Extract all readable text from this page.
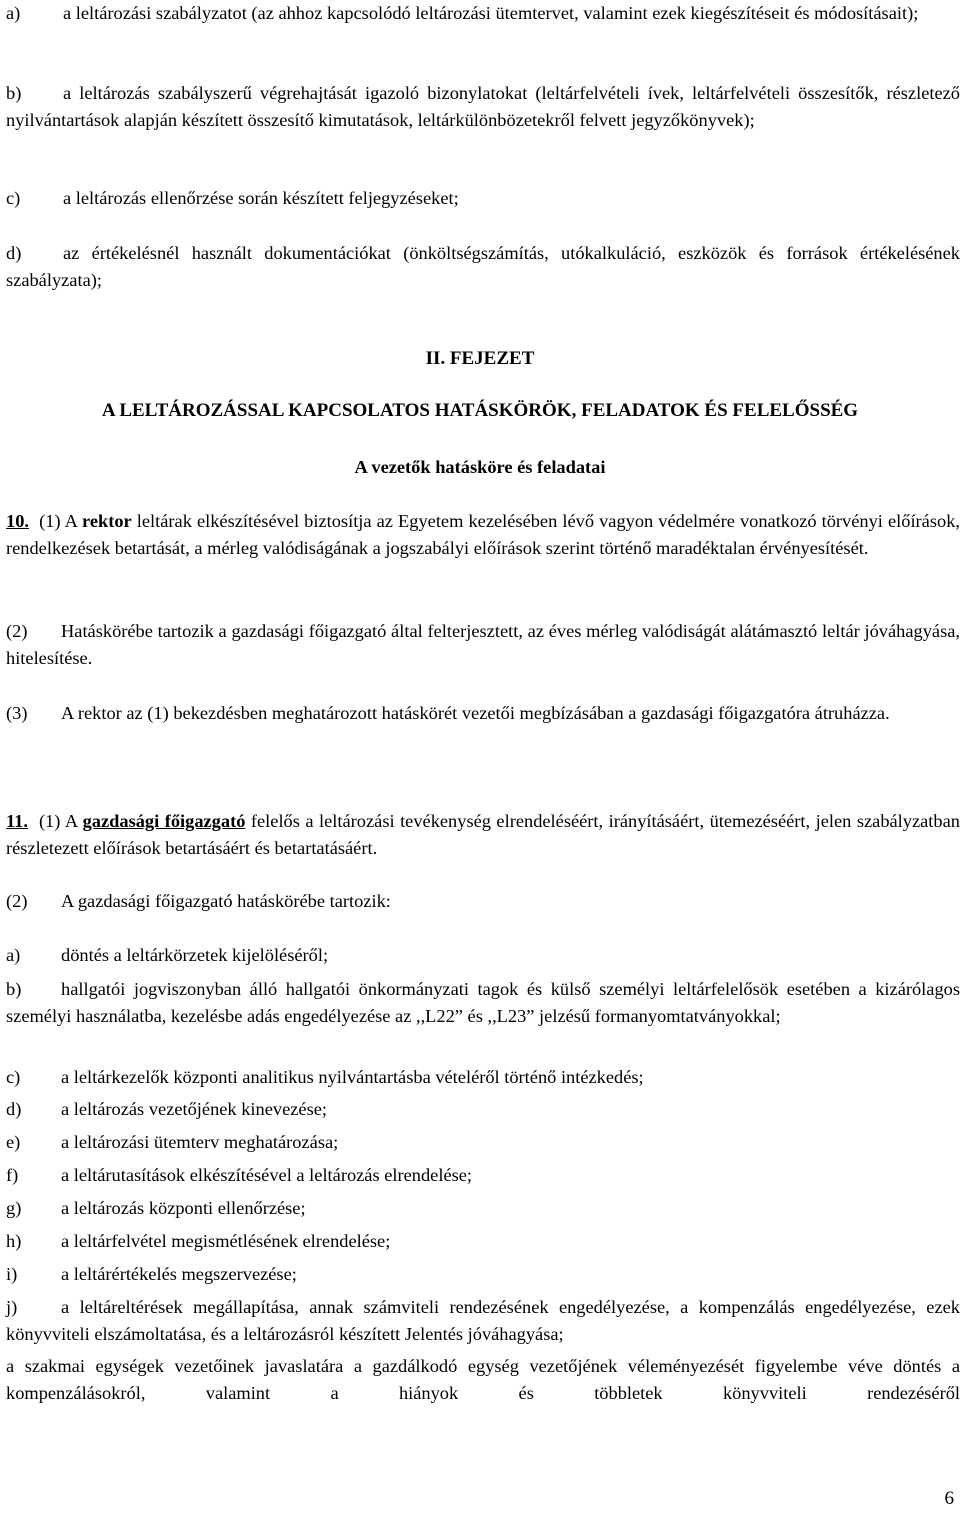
a) a leltározási szabályzatot (az ahhoz kapcsolódó leltározási ütemtervet, valamint ezek kiegészítéseit és módosításait);

b) a leltározás szabályszerű végrehajtását igazoló bizonylatokat (leltárfelvételi ívek, leltárfelvételi összesítők, részletező nyilvántartások alapján készített összesítő kimutatások, leltárkülönbözetekről felvett jegyzőkönyvek);

c) a leltározás ellenőrzése során készített feljegyzéseket;

d) az értékelésnél használt dokumentációkat (önköltségszámítás, utókalkuláció, eszközök és források értékelésének szabályzata);

II. FEJEZET

A LELTÁROZÁSSAL KAPCSOLATOS HATÁSKÖRÖK, FELADATOK ÉS FELELŐSSÉG

A vezetők hatásköre és feladatai

10. (1) A rektor leltárak elkészítésével biztosítja az Egyetem kezelésében lévő vagyon védelmére vonatkozó törvényi előírások, rendelkezések betartását, a mérleg valódiságának a jogszabályi előírások szerint történő maradéktalan érvényesítését.

(2) Hatáskörébe tartozik a gazdasági főigazgató által felterjesztett, az éves mérleg valódiságát alátámasztó leltár jóváhagyása, hitelesítése.

(3) A rektor az (1) bekezdésben meghatározott hatáskörét vezetői megbízásában a gazdasági főigazgatóra átruházza.

11. (1) A gazdasági főigazgató felelős a leltározási tevékenység elrendeléséért, irányításáért, ütemezéséért, jelen szabályzatban részletezett előírások betartásáért és betartatásáért.

(2) A gazdasági főigazgató hatáskörébe tartozik:

a) döntés a leltárkörzetek kijelöléséről;

b) hallgatói jogviszonyban álló hallgatói önkormányzati tagok és külső személyi leltárfelelősök esetében a kizárólagos személyi használatba, kezelésbe adás engedélyezése az ,,L22” és ,,L23” jelzésű formanyomtatványokkal;

c) a leltárkezelők központi analitikus nyilvántartásba vételéről történő intézkedés;

d) a leltározás vezetőjének kinevezése;

e) a leltározási ütemterv meghatározása;

f) a leltárutasítások elkészítésével a leltározás elrendelése;

g) a leltározás központi ellenőrzése;

h) a leltárfelvétel megismétlésének elrendelése;

i) a leltárértékelés megszervezése;

j) a leltáreltérések megállapítása, annak számviteli rendezésének engedélyezése, a kompenzálás engedélyezése, ezek könyvviteli elszámoltatása, és a leltározásról készített Jelentés jóváhagyása;

a szakmai egységek vezetőinek javaslatára a gazdálkodó egység vezetőjének véleményezését figyelembe véve döntés a kompenzálásokról, valamint a hiányok és többletek könyvviteli rendezéséről

6
